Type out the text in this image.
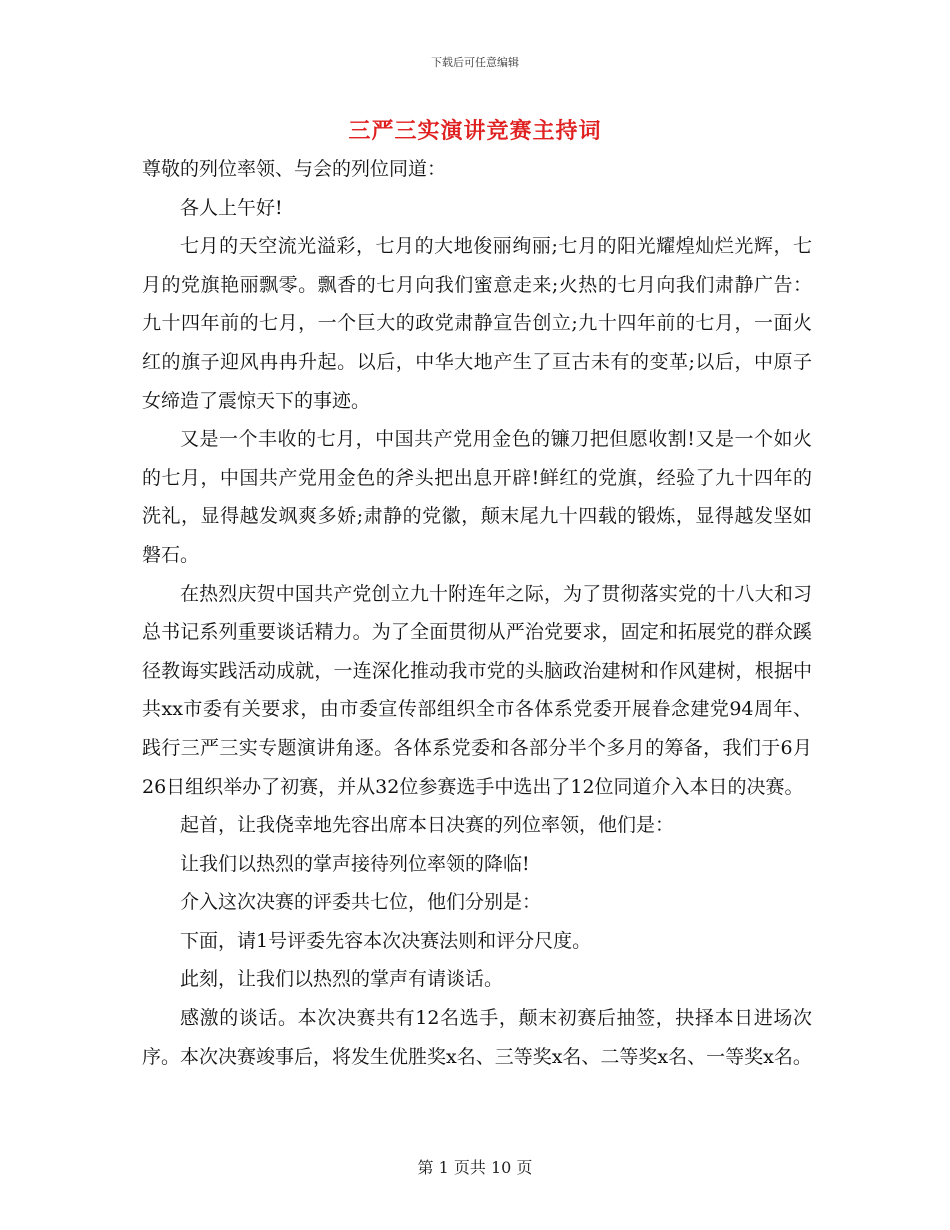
下载后可任意编辑
三严三实演讲竞赛主持词

尊敬的列位率领、与会的列位同道：

各人上午好!

七月的天空流光溢彩，七月的大地俊丽绚丽;七月的阳光耀煌灿烂光辉，七月的党旗艳丽飘零。飘香的七月向我们蜜意走来;火热的七月向我们肃静广告：九十四年前的七月，一个巨大的政党肃静宣告创立;九十四年前的七月，一面火红的旗子迎风冉冉升起。以后，中华大地产生了亘古未有的变革;以后，中原子女缔造了震惊天下的事迹。

又是一个丰收的七月，中国共产党用金色的镰刀把但愿收割!又是一个如火的七月，中国共产党用金色的斧头把出息开辟!鲜红的党旗，经验了九十四年的洗礼，显得越发飒爽多娇;肃静的党徽，颠末尾九十四载的锻炼，显得越发坚如磐石。

在热烈庆贺中国共产党创立九十附连年之际，为了贯彻落实党的十八大和习总书记系列重要谈话精力。为了全面贯彻从严治党要求，固定和拓展党的群众蹊径教诲实践活动成就，一连深化推动我市党的头脑政治建树和作风建树，根据中共xx市委有关要求，由市委宣传部组织全市各体系党委开展眷念建党94周年、践行三严三实专题演讲角逐。各体系党委和各部分半个多月的筹备，我们于6月26日组织举办了初赛，并从32位参赛选手中选出了12位同道介入本日的决赛。

起首，让我侥幸地先容出席本日决赛的列位率领，他们是：

让我们以热烈的掌声接待列位率领的降临!

介入这次决赛的评委共七位，他们分别是：

下面，请1号评委先容本次决赛法则和评分尺度。

此刻，让我们以热烈的掌声有请谈话。

感激的谈话。本次决赛共有12名选手，颠末初赛后抽签，抉择本日进场次序。本次决赛竣事后，将发生优胜奖x名、三等奖x名、二等奖x名、一等奖x名。

第 1 页共 10 页
